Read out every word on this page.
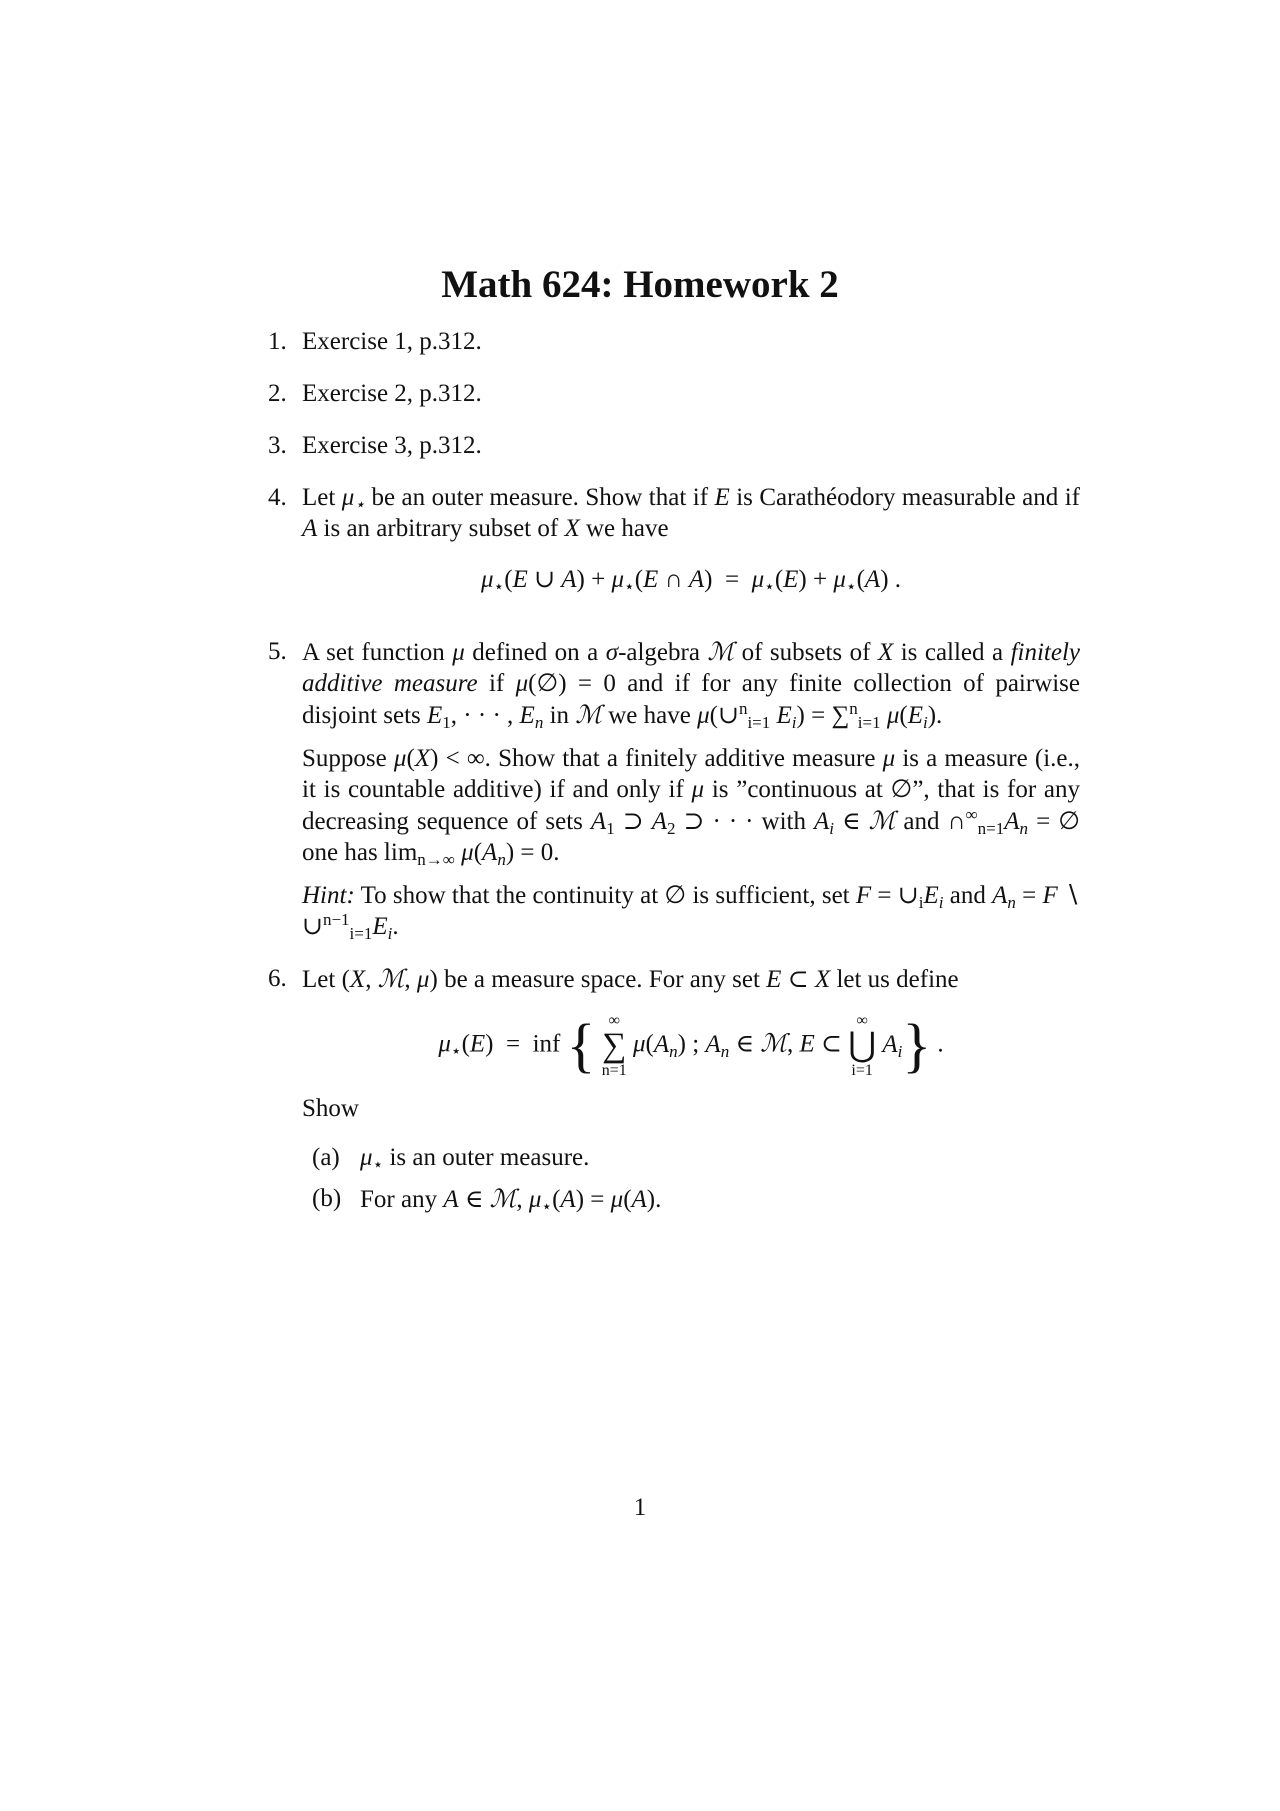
Math 624: Homework 2
1. Exercise 1, p.312.
2. Exercise 2, p.312.
3. Exercise 3, p.312.
4. Let $\mu_⋆$ be an outer measure. Show that if E is Carathéodory measurable and if A is an arbitrary subset of X we have
$\mu_⋆(E$ ∪ $A) + \mu_⋆(E$ ∩ $A) = \mu_⋆(E) + \mu_⋆(A)$ .
5. A set function μ defined on a σ-algebra ℳ of subsets of X is called a finitely additive measure if μ(∅) = 0 and if for any finite collection of pairwise disjoint sets $E_1$, · · · , $E_n$ in ℳ we have μ(∪$^n_{i=1}$ $E_i) = \sum^n_{i=1}$ $\mu(E_i)$.
Suppose μ(X) < ∞. Show that a finitely additive measure μ is a measure (i.e., it is countable additive) if and only if μ is ”continuous at ∅”, that is for any decreasing sequence of sets $A_1$ ⊃ $A_2$ ⊃ · · · with $A_i$ ∈ ℳ and $\cap^\infty_{n=1}A_n$ = ∅ one has $\lim_{n\to\infty} \mu(A_n) = 0$.
Hint: To show that the continuity at ∅ is sufficient, set $F = \cup_iE_i$ and $A_n = F$ ∖ $\cup^{n-1}_{i=1}E_i$.
6. Let (X, ℳ, μ) be a measure space. For any set E ⊂ X let us define
$\mu_⋆(E)$  =  inf { ∞
∑
n=1
$\mu(A_n)$ ; $A_n$ ∈ ℳ, E ⊂
∞
⋃
i=1
$A_i$} .
Show
(a) $\mu_⋆$ is an outer measure.
(b) For any A ∈ ℳ, $\mu_⋆(A) = \mu(A)$.
1
